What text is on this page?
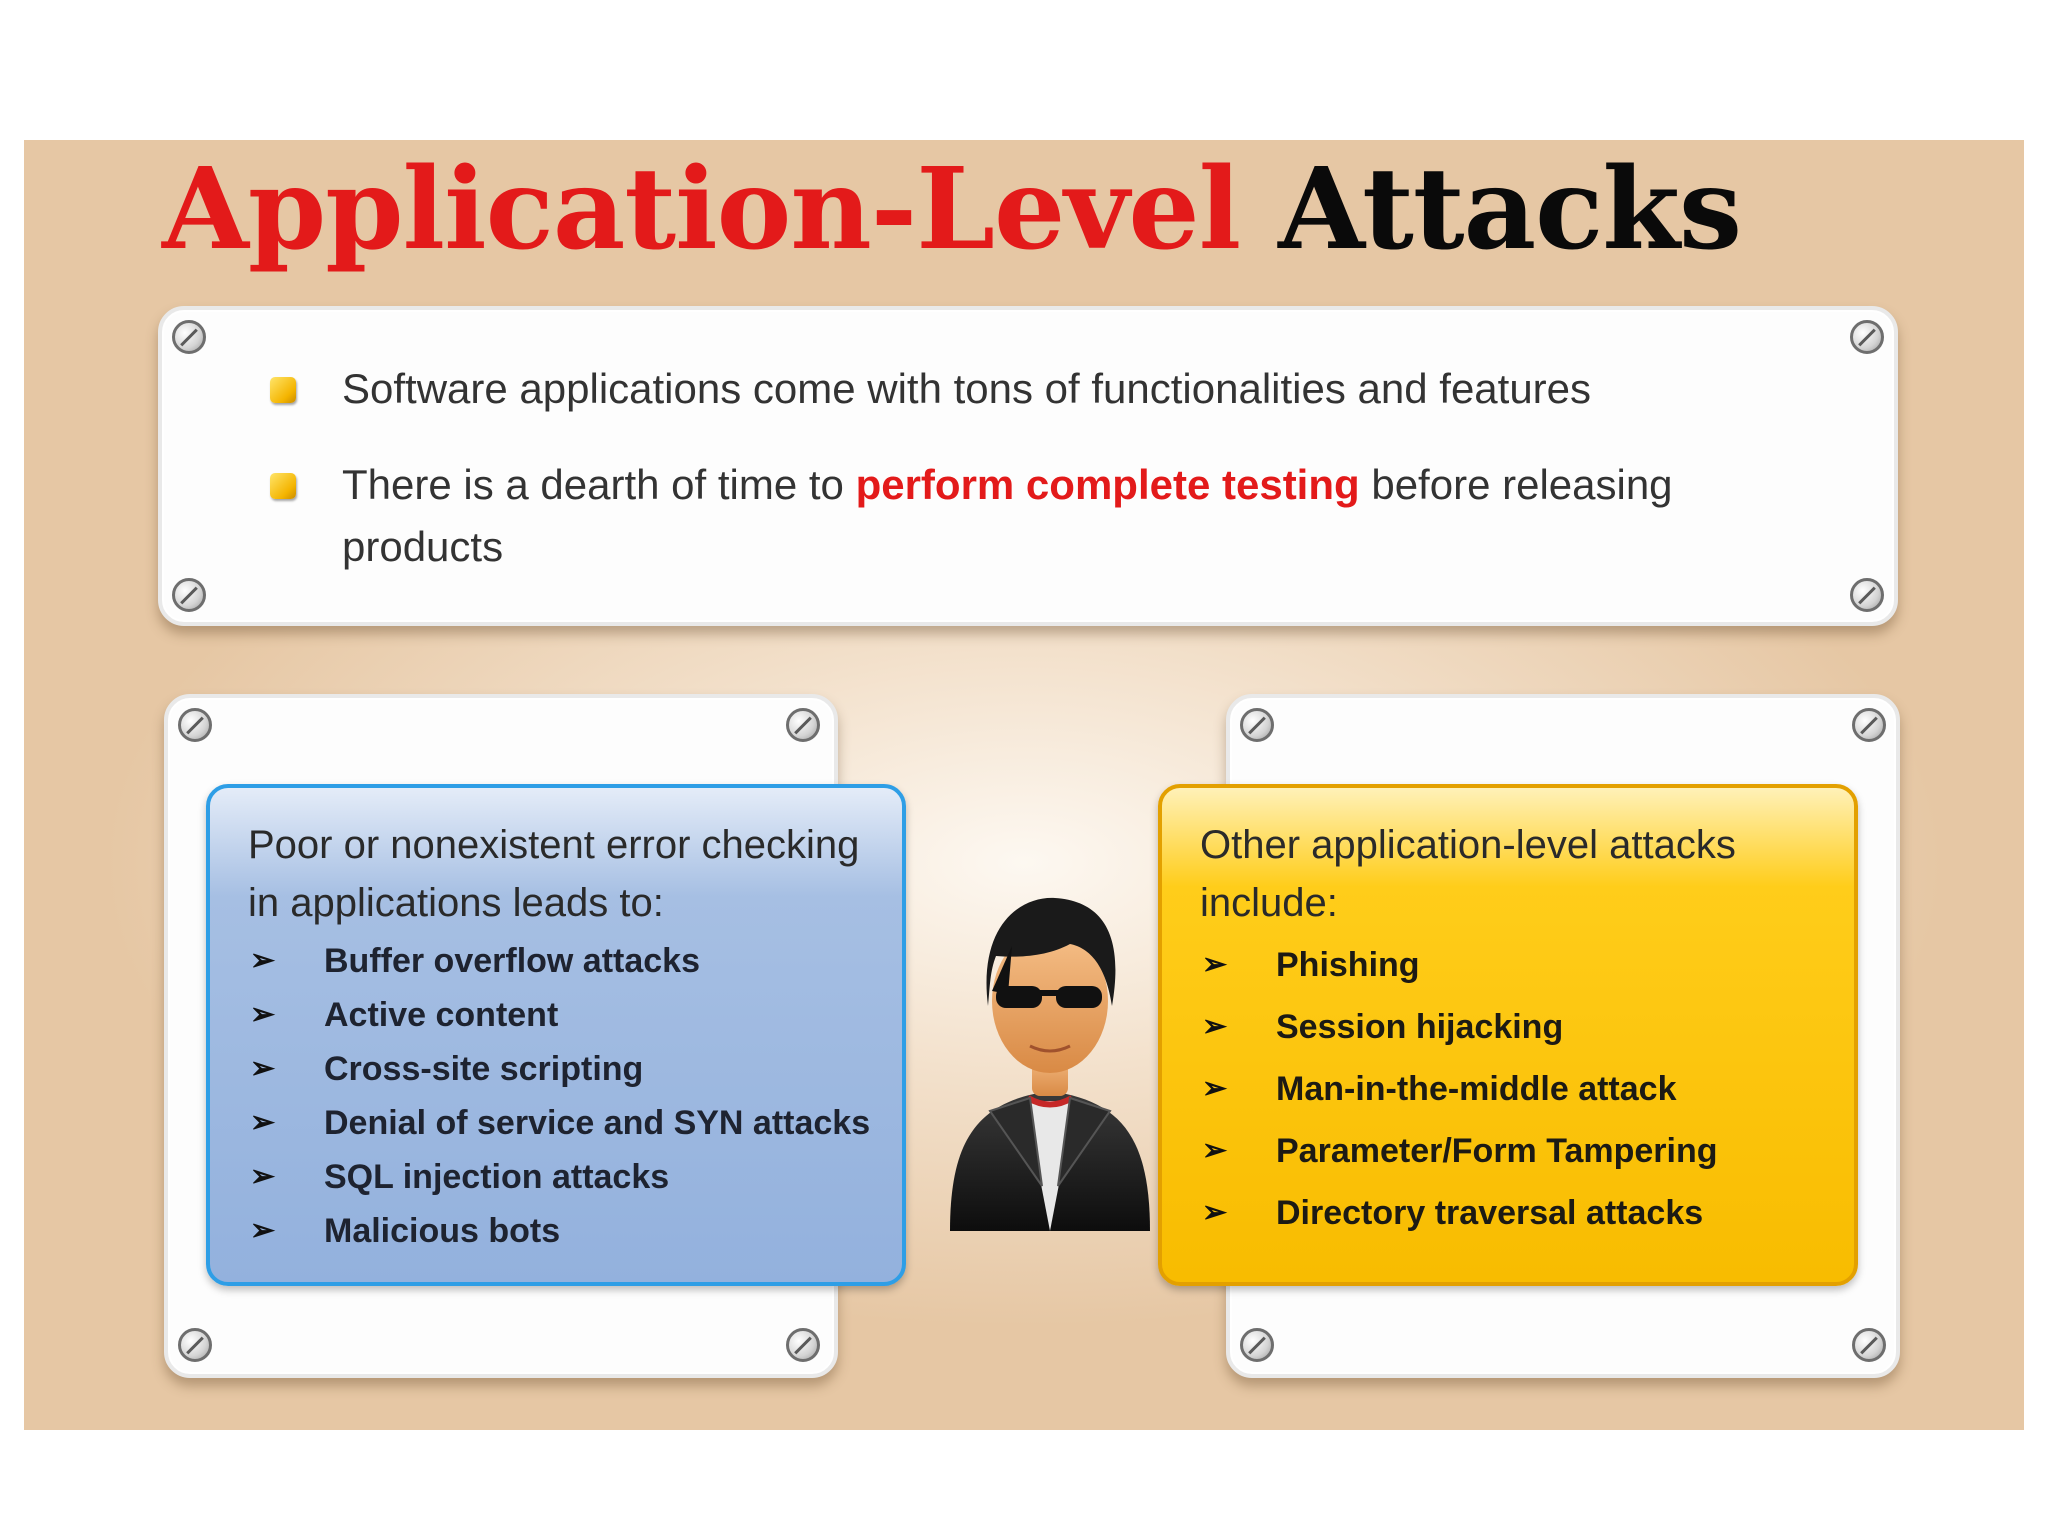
Application-Level Attacks
Software applications come with tons of functionalities and features
There is a dearth of time to perform complete testing before releasing products

Poor or nonexistent error checking in applications leads to:

➢ Buffer overflow attacks
➢ Active content
➢ Cross-site scripting
➢ Denial of service and SYN attacks
➢ SQL injection attacks
➢ Malicious bots

Other application-level attacks include:

➢ Phishing
➢ Session hijacking
➢ Man-in-the-middle attack
➢ Parameter/Form Tampering
➢ Directory traversal attacks
